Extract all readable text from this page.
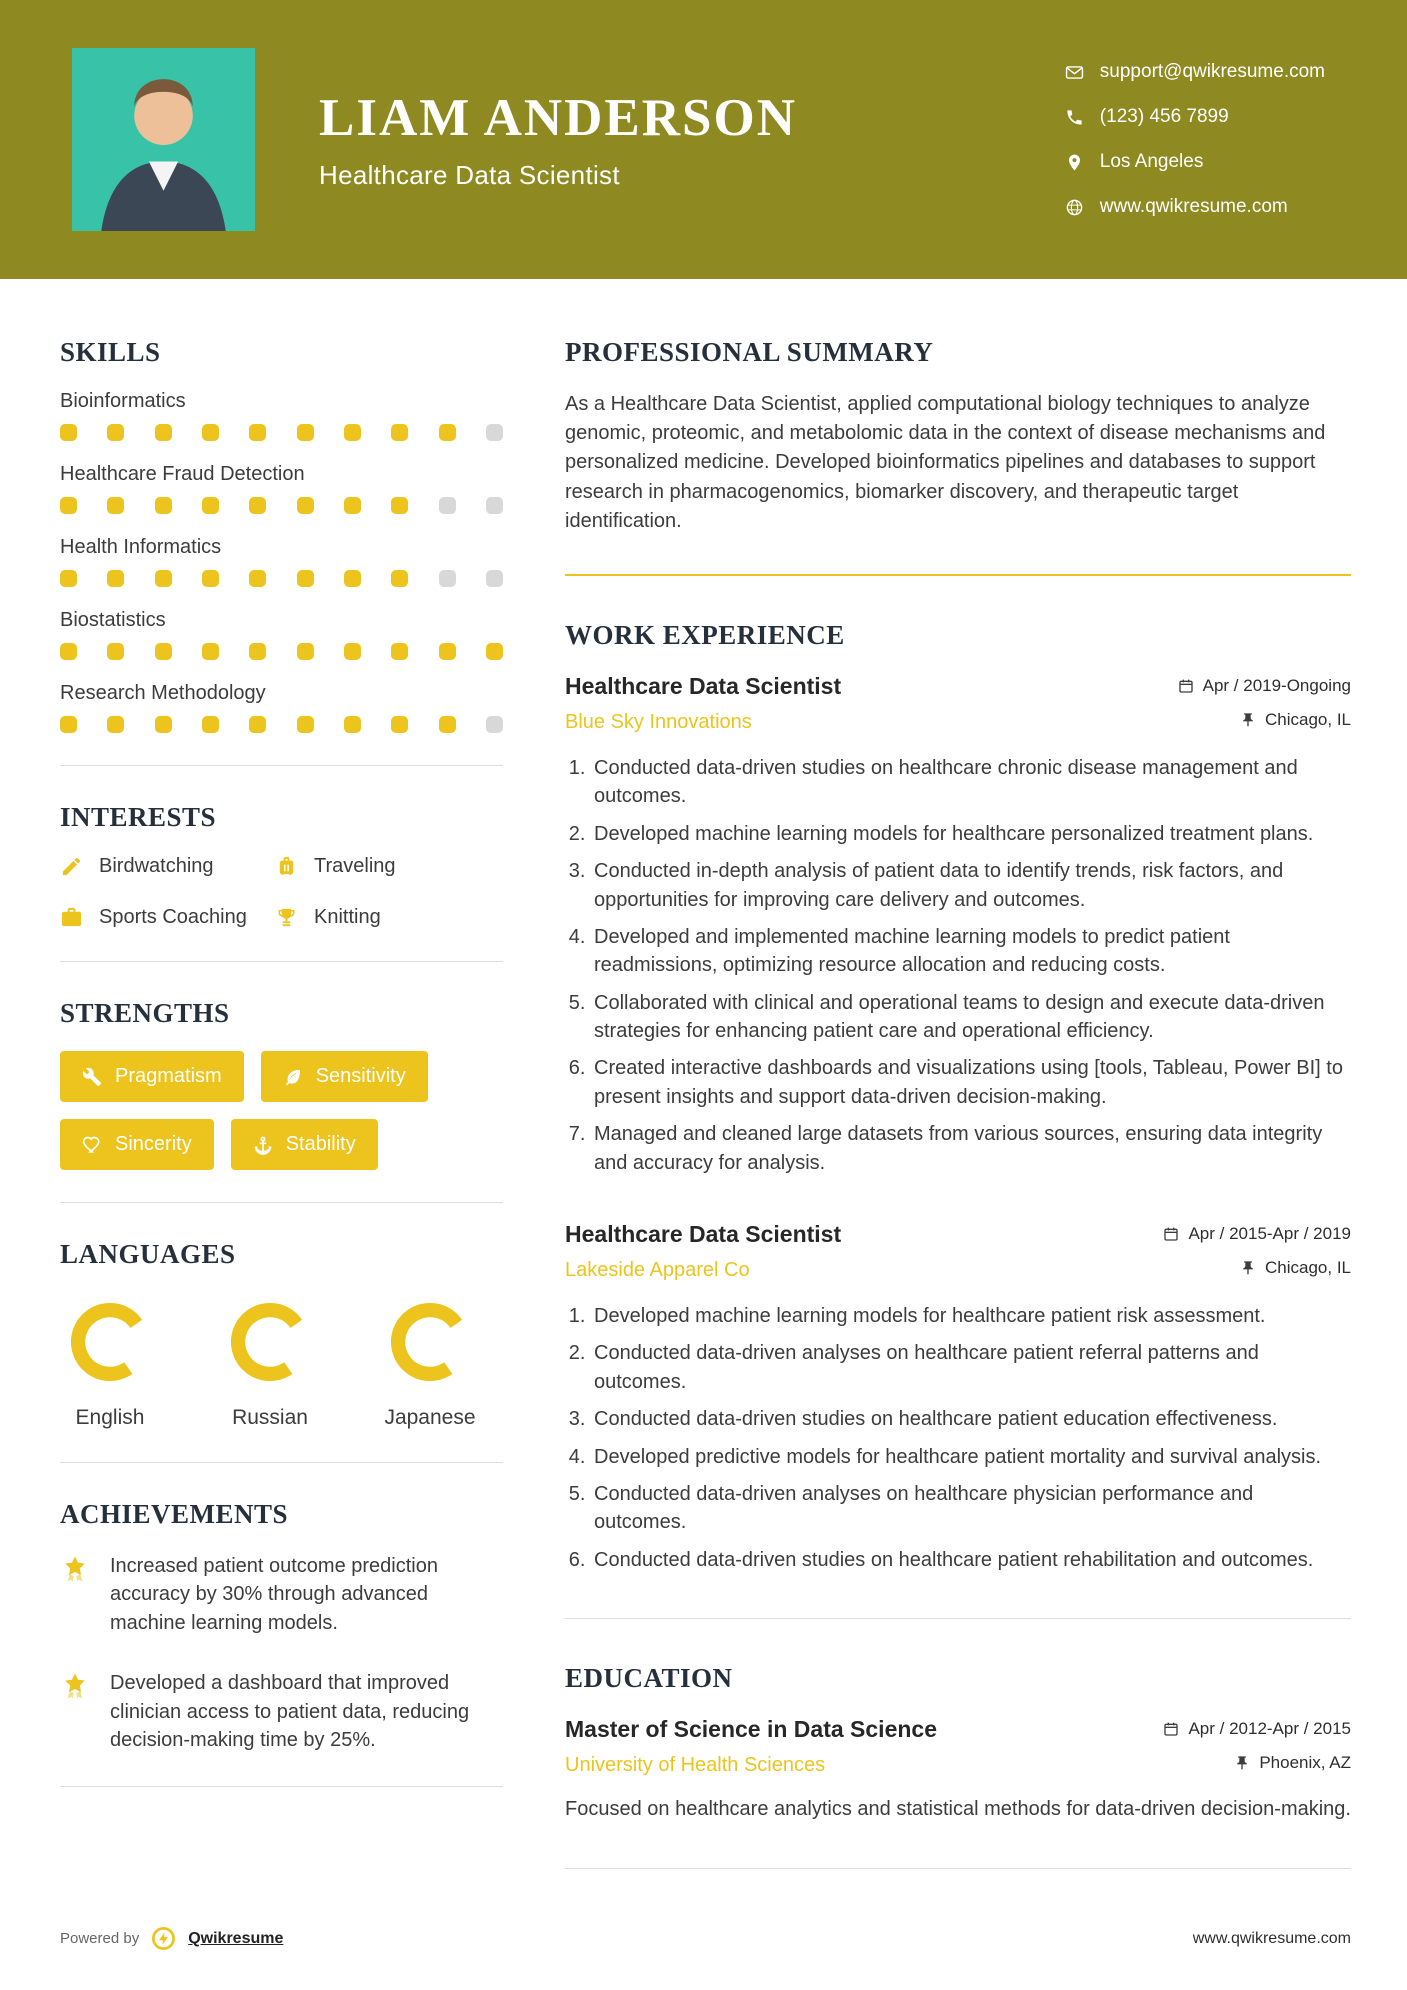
LIAM ANDERSON

Healthcare Data Scientist

support@qwikresume.com
(123) 456 7899
Los Angeles
www.qwikresume.com
SKILLS
Bioinformatics
Healthcare Fraud Detection
Health Informatics
Biostatistics
Research Methodology
INTERESTS
Birdwatching	Traveling
Sports Coaching	Knitting
STRENGTHS
Pragmatism	Sensitivity
Sincerity	Stability
LANGUAGES
English	Russian	Japanese
ACHIEVEMENTS

Increased patient outcome prediction accuracy by 30% through advanced machine learning models.

Developed a dashboard that improved clinician access to patient data, reducing decision-making time by 25%.

PROFESSIONAL SUMMARY

As a Healthcare Data Scientist, applied computational biology techniques to analyze genomic, proteomic, and metabolomic data in the context of disease mechanisms and personalized medicine. Developed bioinformatics pipelines and databases to support research in pharmacogenomics, biomarker discovery, and therapeutic target identification.

WORK EXPERIENCE
Healthcare Data Scientist	Apr / 2019-Ongoing
Blue Sky Innovations	Chicago, IL
1. Conducted data-driven studies on healthcare chronic disease management and outcomes.
2. Developed machine learning models for healthcare personalized treatment plans.
3. Conducted in-depth analysis of patient data to identify trends, risk factors, and opportunities for improving care delivery and outcomes.
4. Developed and implemented machine learning models to predict patient readmissions, optimizing resource allocation and reducing costs.
5. Collaborated with clinical and operational teams to design and execute data-driven strategies for enhancing patient care and operational efficiency.
6. Created interactive dashboards and visualizations using [tools, Tableau, Power BI] to present insights and support data-driven decision-making.
7. Managed and cleaned large datasets from various sources, ensuring data integrity and accuracy for analysis.
Healthcare Data Scientist	Apr / 2015-Apr / 2019
Lakeside Apparel Co	Chicago, IL
1. Developed machine learning models for healthcare patient risk assessment.
2. Conducted data-driven analyses on healthcare patient referral patterns and outcomes.
3. Conducted data-driven studies on healthcare patient education effectiveness.
4. Developed predictive models for healthcare patient mortality and survival analysis.
5. Conducted data-driven analyses on healthcare physician performance and outcomes.
6. Conducted data-driven studies on healthcare patient rehabilitation and outcomes.
EDUCATION
Master of Science in Data Science	Apr / 2012-Apr / 2015
University of Health Sciences	Phoenix, AZ

Focused on healthcare analytics and statistical methods for data-driven decision-making.

Powered by	Qwikresume	www.qwikresume.com
